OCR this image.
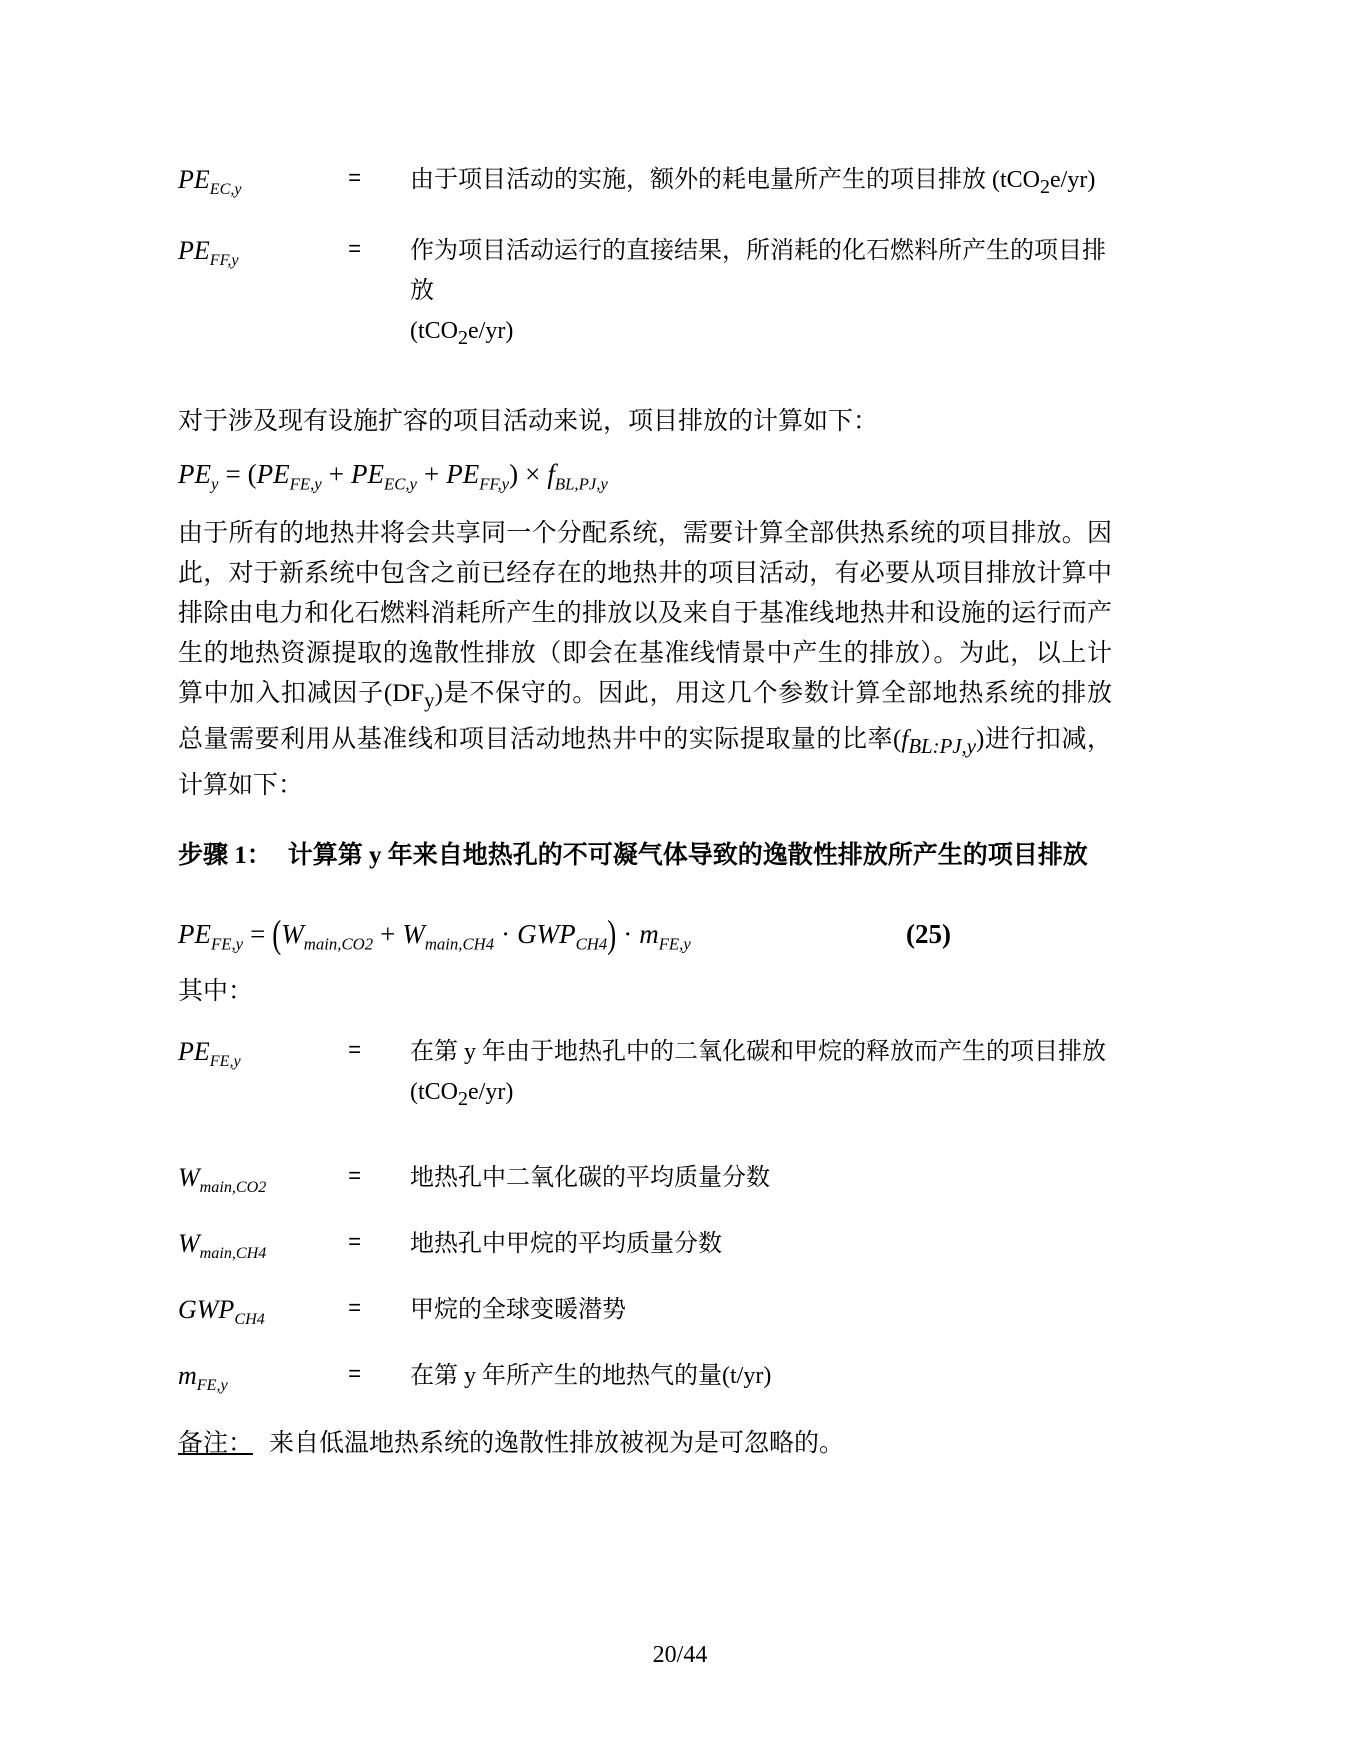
$PE_{EC,y}$	=	由于项目活动的实施，额外的耗电量所产生的项目排放 (tCO$_2$e/yr)
$PE_{FF,y}$	=	作为项目活动运行的直接结果，所消耗的化石燃料所产生的项目排放
(tCO$_2$e/yr)

对于涉及现有设施扩容的项目活动来说，项目排放的计算如下：

$PE_y = (PE_{FE,y} + PE_{EC,y} + PE_{FF,y}) \times f_{BL,PJ,y}$

由于所有的地热井将会共享同一个分配系统，需要计算全部供热系统的项目排放。因此，对于新系统中包含之前已经存在的地热井的项目活动，有必要从项目排放计算中排除由电力和化石燃料消耗所产生的排放以及来自于基准线地热井和设施的运行而产生的地热资源提取的逸散性排放（即会在基准线情景中产生的排放）。为此，以上计算中加入扣减因子$(DF_y)$是不保守的。因此，用这几个参数计算全部地热系统的排放总量需要利用从基准线和项目活动地热井中的实际提取量的比率$(f_{BL:PJ,y})$进行扣减，计算如下：

步骤 1： 计算第 y 年来自地热孔的不可凝气体导致的逸散性排放所产生的项目排放
$PE_{FE,y} = (W_{main,CO2} + W_{main,CH4} \cdot GWP_{CH4}) \cdot m_{FE,y}$	(25)

其中：

$PE_{FE,y}$	=	在第 y 年由于地热孔中的二氧化碳和甲烷的释放而产生的项目排放
(tCO$_2$e/yr)
$W_{main,CO2}$	=	地热孔中二氧化碳的平均质量分数
$W_{main,CH4}$	=	地热孔中甲烷的平均质量分数
$GWP_{CH4}$	=	甲烷的全球变暖潜势
$m_{FE,y}$	=	在第 y 年所产生的地热气的量(t/yr)

备注： 来自低温地热系统的逸散性排放被视为是可忽略的。

20/44
